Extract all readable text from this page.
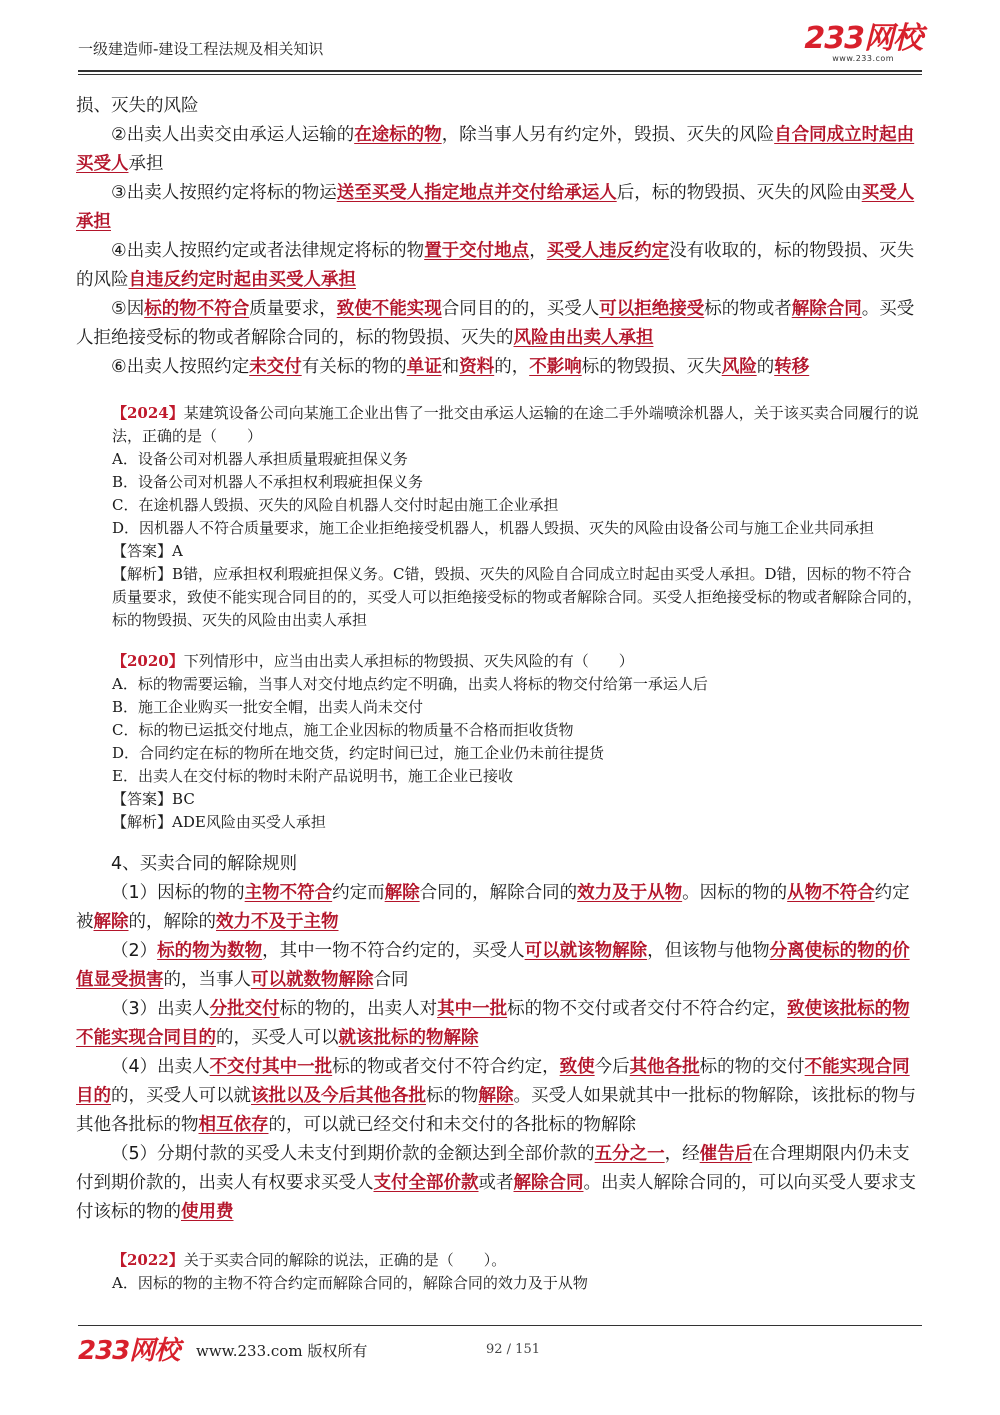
一级建造师-建设工程法规及相关知识	233网校
www.233.com

损、灭失的风险

②出卖人出卖交由承运人运输的在途标的物，除当事人另有约定外，毁损、灭失的风险自合同成立时起由买受人承担

③出卖人按照约定将标的物运送至买受人指定地点并交付给承运人后，标的物毁损、灭失的风险由买受人承担

④出卖人按照约定或者法律规定将标的物置于交付地点，买受人违反约定没有收取的，标的物毁损、灭失的风险自违反约定时起由买受人承担

⑤因标的物不符合质量要求，致使不能实现合同目的的，买受人可以拒绝接受标的物或者解除合同。买受人拒绝接受标的物或者解除合同的，标的物毁损、灭失的风险由出卖人承担

⑥出卖人按照约定未交付有关标的物的单证和资料的，不影响标的物毁损、灭失风险的转移

【2024】某建筑设备公司向某施工企业出售了一批交由承运人运输的在途二手外端喷涂机器人，关于该买卖合同履行的说法，正确的是（　　）

A．设备公司对机器人承担质量瑕疵担保义务

B．设备公司对机器人不承担权利瑕疵担保义务

C．在途机器人毁损、灭失的风险自机器人交付时起由施工企业承担

D．因机器人不符合质量要求，施工企业拒绝接受机器人，机器人毁损、灭失的风险由设备公司与施工企业共同承担

【答案】A

【解析】B错，应承担权利瑕疵担保义务。C错，毁损、灭失的风险自合同成立时起由买受人承担。D错，因标的物不符合质量要求，致使不能实现合同目的的，买受人可以拒绝接受标的物或者解除合同。买受人拒绝接受标的物或者解除合同的，标的物毁损、灭失的风险由出卖人承担

【2020】下列情形中，应当由出卖人承担标的物毁损、灭失风险的有（　　）

A．标的物需要运输，当事人对交付地点约定不明确，出卖人将标的物交付给第一承运人后

B．施工企业购买一批安全帽，出卖人尚未交付

C．标的物已运抵交付地点，施工企业因标的物质量不合格而拒收货物

D．合同约定在标的物所在地交货，约定时间已过，施工企业仍未前往提货

E．出卖人在交付标的物时未附产品说明书，施工企业已接收

【答案】BC

【解析】ADE风险由买受人承担

4、买卖合同的解除规则

（1）因标的物的主物不符合约定而解除合同的，解除合同的效力及于从物。因标的物的从物不符合约定被解除的，解除的效力不及于主物

（2）标的物为数物，其中一物不符合约定的，买受人可以就该物解除，但该物与他物分离使标的物的价值显受损害的，当事人可以就数物解除合同

（3）出卖人分批交付标的物的，出卖人对其中一批标的物不交付或者交付不符合约定，致使该批标的物不能实现合同目的的，买受人可以就该批标的物解除

（4）出卖人不交付其中一批标的物或者交付不符合约定，致使今后其他各批标的物的交付不能实现合同目的的，买受人可以就该批以及今后其他各批标的物解除。买受人如果就其中一批标的物解除，该批标的物与其他各批标的物相互依存的，可以就已经交付和未交付的各批标的物解除

（5）分期付款的买受人未支付到期价款的金额达到全部价款的五分之一，经催告后在合理期限内仍未支付到期价款的，出卖人有权要求买受人支付全部价款或者解除合同。出卖人解除合同的，可以向买受人要求支付该标的物的使用费

【2022】关于买卖合同的解除的说法，正确的是（　　）。

A．因标的物的主物不符合约定而解除合同的，解除合同的效力及于从物

233网校 www.233.com 版权所有	92 / 151
